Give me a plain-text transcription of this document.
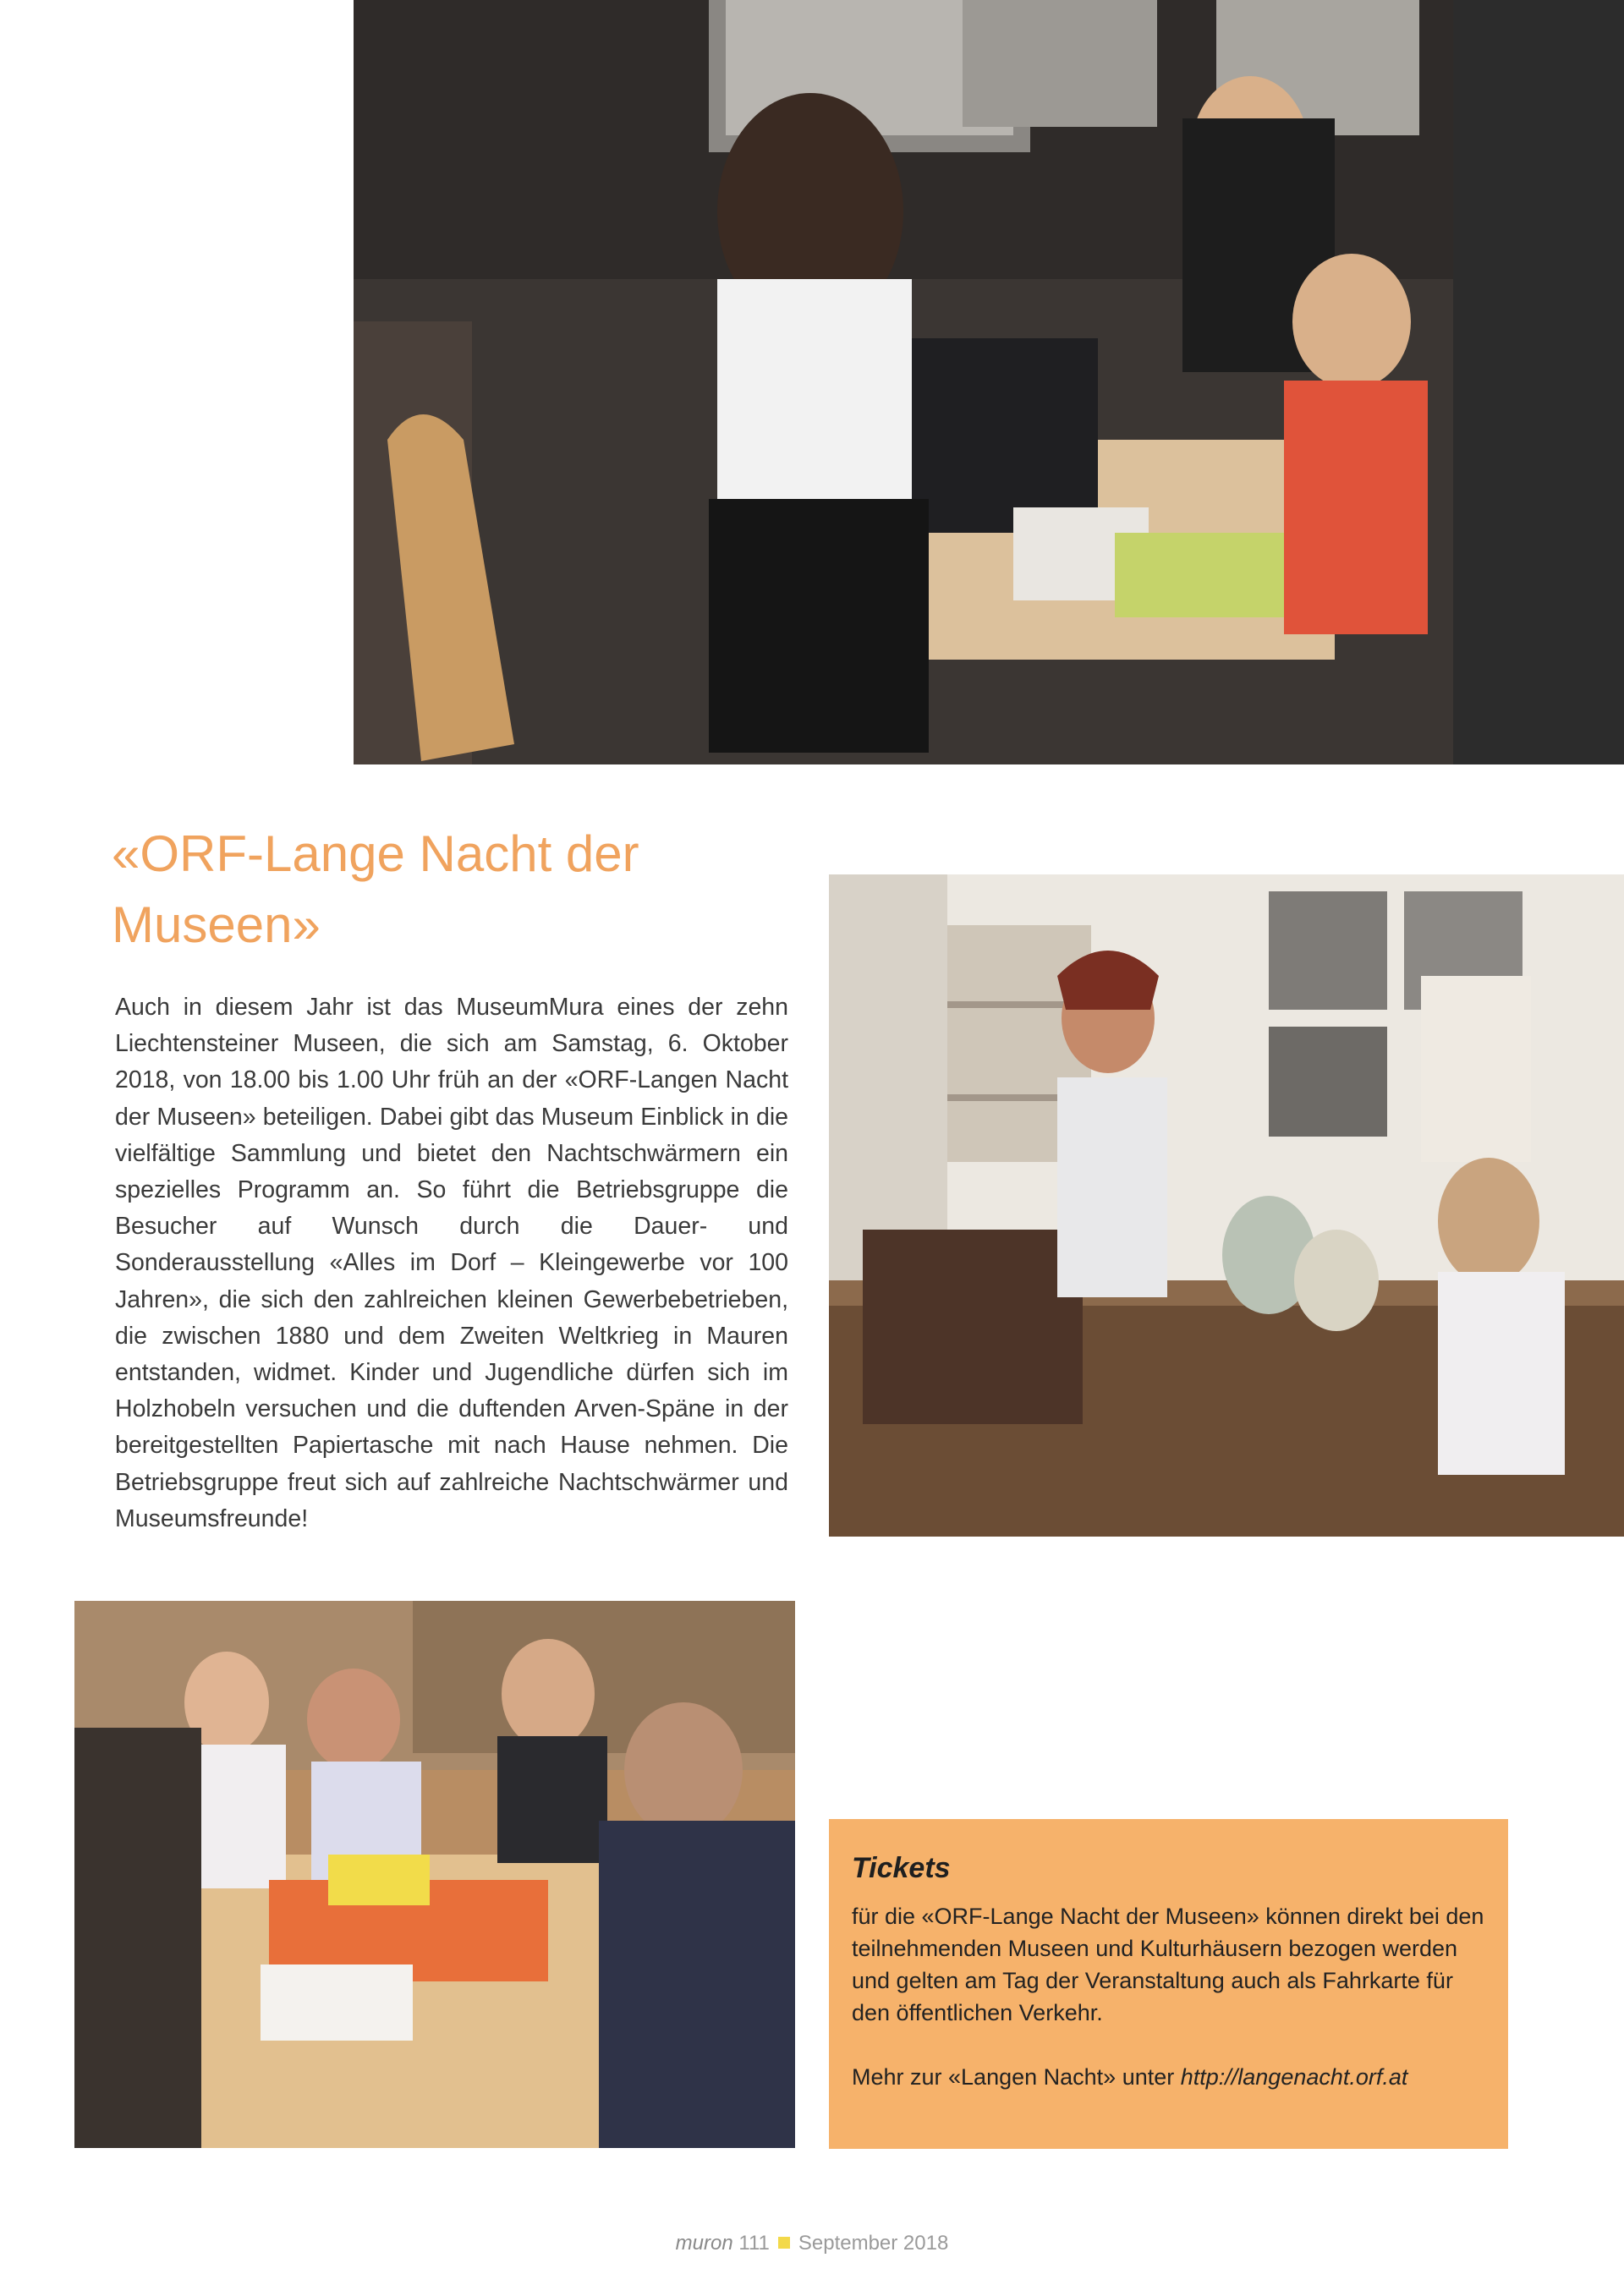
«ORF-Lange Nacht der Museen»

Auch in diesem Jahr ist das MuseumMura eines der zehn Liechtensteiner Museen, die sich am Samstag, 6. Oktober 2018, von 18.00 bis 1.00 Uhr früh an der «ORF-Langen Nacht der Museen» beteiligen. Dabei gibt das Museum Einblick in die vielfältige Sammlung und bietet den Nachtschwärmern ein spezielles Programm an. So führt die Betriebsgruppe die Besucher auf Wunsch durch die Dauer- und Sonderausstellung «Alles im Dorf – Kleingewerbe vor 100 Jahren», die sich den zahlreichen kleinen Gewerbebetrieben, die zwischen 1880 und dem Zweiten Weltkrieg in Mauren entstanden, widmet. Kinder und Jugendliche dürfen sich im Holzhobeln versuchen und die duftenden Arven-Späne in der bereitgestellten Papiertasche mit nach Hause nehmen. Die Betriebsgruppe freut sich auf zahlreiche Nachtschwärmer und Museumsfreunde!

Tickets

für die «ORF-Lange Nacht der Museen» können direkt bei den teilnehmenden Museen und Kulturhäusern bezogen werden und gelten am Tag der Veranstaltung auch als Fahrkarte für den öffentlichen Verkehr.

Mehr zur «Langen Nacht» unter http://langenacht.orf.at

muron 111 September 2018
